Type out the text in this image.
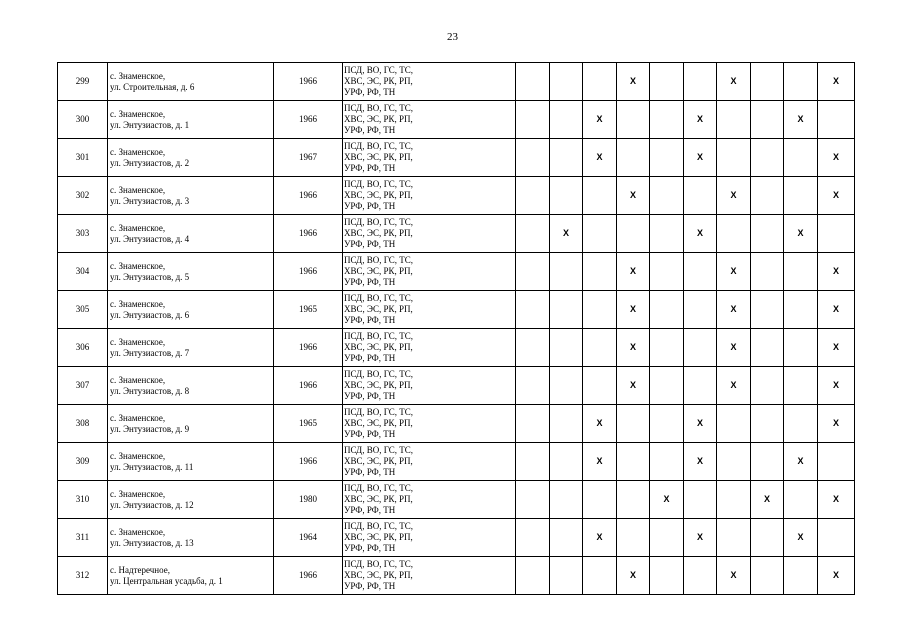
23
299	с. Знаменское,
ул. Строительная, д. 6	1966	ПСД, ВО, ГС, ТС,
ХВС, ЭС, РК, РП,
УРФ, РФ, ТН				X			X			X
300	с. Знаменское,
ул. Энтузиастов, д. 1	1966	ПСД, ВО, ГС, ТС,
ХВС, ЭС, РК, РП,
УРФ, РФ, ТН			X			X			X	
301	с. Знаменское,
ул. Энтузиастов, д. 2	1967	ПСД, ВО, ГС, ТС,
ХВС, ЭС, РК, РП,
УРФ, РФ, ТН			X			X				X
302	с. Знаменское,
ул. Энтузиастов, д. 3	1966	ПСД, ВО, ГС, ТС,
ХВС, ЭС, РК, РП,
УРФ, РФ, ТН				X			X			X
303	с. Знаменское,
ул. Энтузиастов, д. 4	1966	ПСД, ВО, ГС, ТС,
ХВС, ЭС, РК, РП,
УРФ, РФ, ТН		X				X			X	
304	с. Знаменское,
ул. Энтузиастов, д. 5	1966	ПСД, ВО, ГС, ТС,
ХВС, ЭС, РК, РП,
УРФ, РФ, ТН				X			X			X
305	с. Знаменское,
ул. Энтузиастов, д. 6	1965	ПСД, ВО, ГС, ТС,
ХВС, ЭС, РК, РП,
УРФ, РФ, ТН				X			X			X
306	с. Знаменское,
ул. Энтузиастов, д. 7	1966	ПСД, ВО, ГС, ТС,
ХВС, ЭС, РК, РП,
УРФ, РФ, ТН				X			X			X
307	с. Знаменское,
ул. Энтузиастов, д. 8	1966	ПСД, ВО, ГС, ТС,
ХВС, ЭС, РК, РП,
УРФ, РФ, ТН				X			X			X
308	с. Знаменское,
ул. Энтузиастов, д. 9	1965	ПСД, ВО, ГС, ТС,
ХВС, ЭС, РК, РП,
УРФ, РФ, ТН			X			X				X
309	с. Знаменское,
ул. Энтузиастов, д. 11	1966	ПСД, ВО, ГС, ТС,
ХВС, ЭС, РК, РП,
УРФ, РФ, ТН			X			X			X	
310	с. Знаменское,
ул. Энтузиастов, д. 12	1980	ПСД, ВО, ГС, ТС,
ХВС, ЭС, РК, РП,
УРФ, РФ, ТН					X			X		X
311	с. Знаменское,
ул. Энтузиастов, д. 13	1964	ПСД, ВО, ГС, ТС,
ХВС, ЭС, РК, РП,
УРФ, РФ, ТН			X			X			X	
312	с. Надтеречное,
ул. Центральная усадьба, д. 1	1966	ПСД, ВО, ГС, ТС,
ХВС, ЭС, РК, РП,
УРФ, РФ, ТН				X			X			X
